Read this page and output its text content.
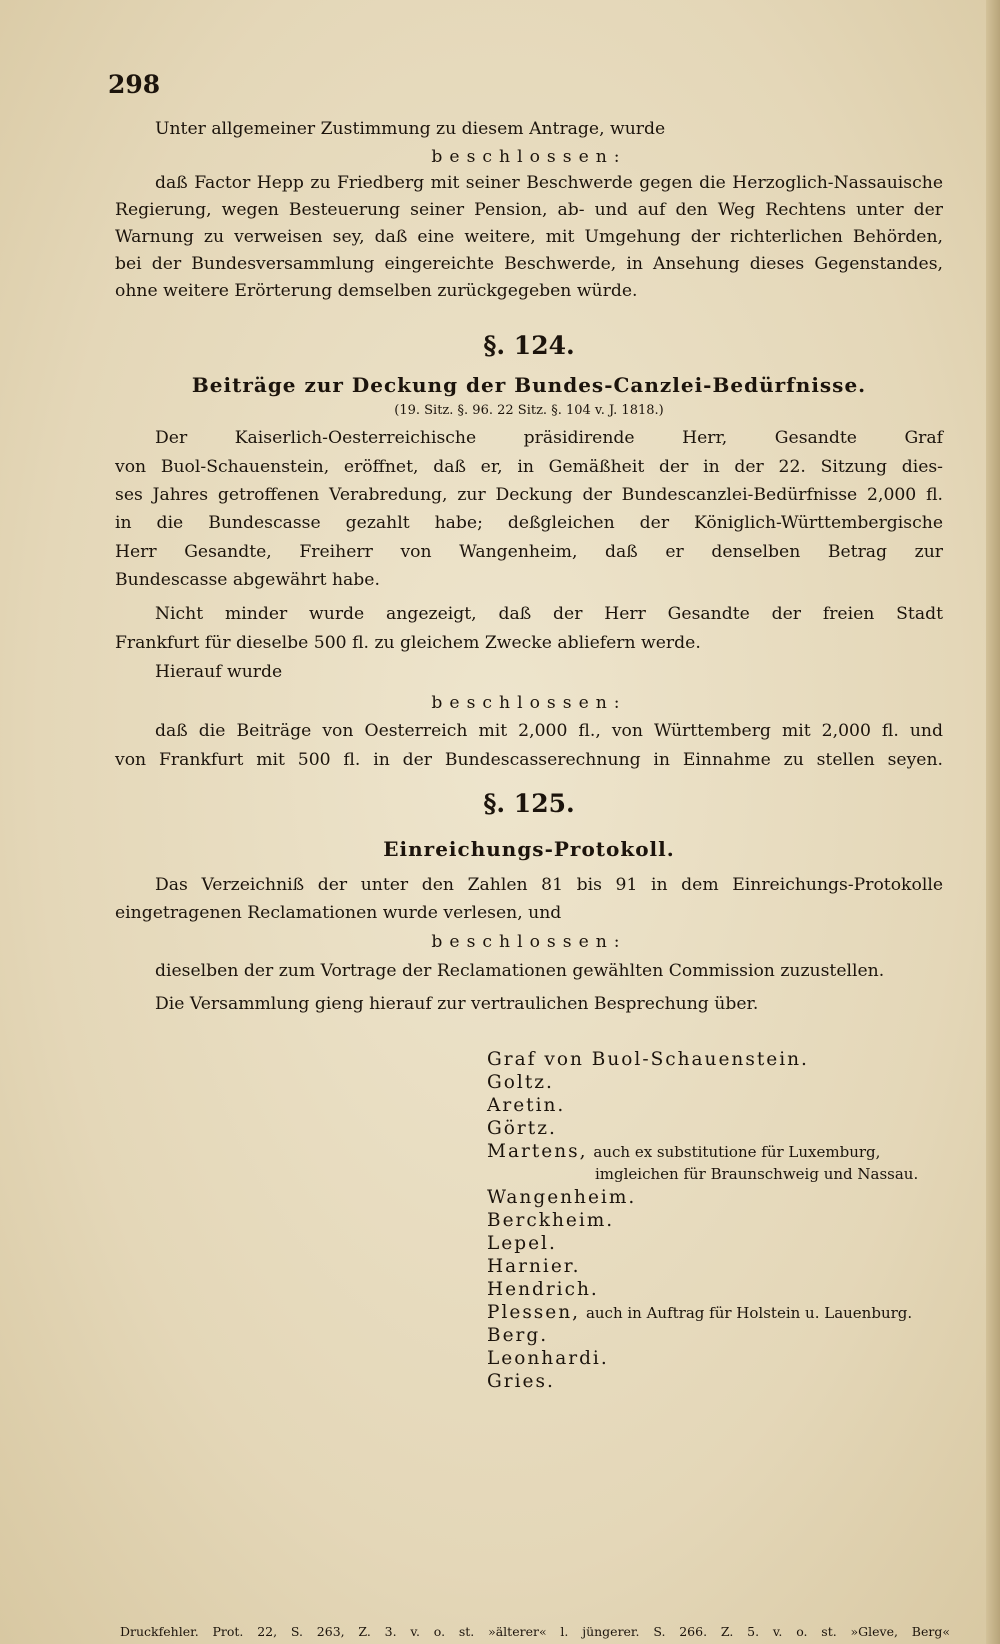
298
Unter allgemeiner Zustimmung zu diesem Antrage, wurde
beschlossen:
daß Factor Hepp zu Friedberg mit seiner Beschwerde gegen die Herzoglich-Nassauische
Regierung, wegen Besteuerung seiner Pension, ab- und auf den Weg Rechtens unter der
Warnung zu verweisen sey, daß eine weitere, mit Umgehung der richterlichen Behörden,
bei der Bundesversammlung eingereichte Beschwerde, in Ansehung dieses Gegenstandes,
ohne weitere Erörterung demselben zurückgegeben würde.
§. 124.
Beiträge zur Deckung der Bundes-Canzlei-Bedürfnisse.
(19. Sitz. §. 96. 22 Sitz. §. 104 v. J. 1818.)
Der Kaiserlich-Oesterreichische präsidirende Herr, Gesandte Graf
von Buol-Schauenstein, eröffnet, daß er, in Gemäßheit der in der 22. Sitzung dies-
ses Jahres getroffenen Verabredung, zur Deckung der Bundescanzlei-Bedürfnisse 2,000 fl.
in die Bundescasse gezahlt habe; deßgleichen der Königlich-Württembergische
Herr Gesandte, Freiherr von Wangenheim, daß er denselben Betrag zur
Bundescasse abgewährt habe.
Nicht minder wurde angezeigt, daß der Herr Gesandte der freien Stadt
Frankfurt für dieselbe 500 fl. zu gleichem Zwecke abliefern werde.
Hierauf wurde
beschlossen:
daß die Beiträge von Oesterreich mit 2,000 fl., von Württemberg mit 2,000 fl. und
von Frankfurt mit 500 fl. in der Bundescasserechnung in Einnahme zu stellen seyen.
§. 125.
Einreichungs-Protokoll.
Das Verzeichniß der unter den Zahlen 81 bis 91 in dem Einreichungs-Protokolle
eingetragenen Reclamationen wurde verlesen, und
beschlossen:
dieselben der zum Vortrage der Reclamationen gewählten Commission zuzustellen.
Die Versammlung gieng hierauf zur vertraulichen Besprechung über.
Graf von Buol-Schauenstein.
Goltz.
Aretin.
Görtz.
Martens, auch ex substitutione für Luxemburg,
imgleichen für Braunschweig und Nassau.
Wangenheim.
Berckheim.
Lepel.
Harnier.
Hendrich.
Plessen, auch in Auftrag für Holstein u. Lauenburg.
Berg.
Leonhardi.
Gries.
Druckfehler. Prot. 22, S. 263, Z. 3. v. o. st. »älterer« l. jüngerer. S. 266. Z. 5. v. o. st. »Gleve, Berg«
